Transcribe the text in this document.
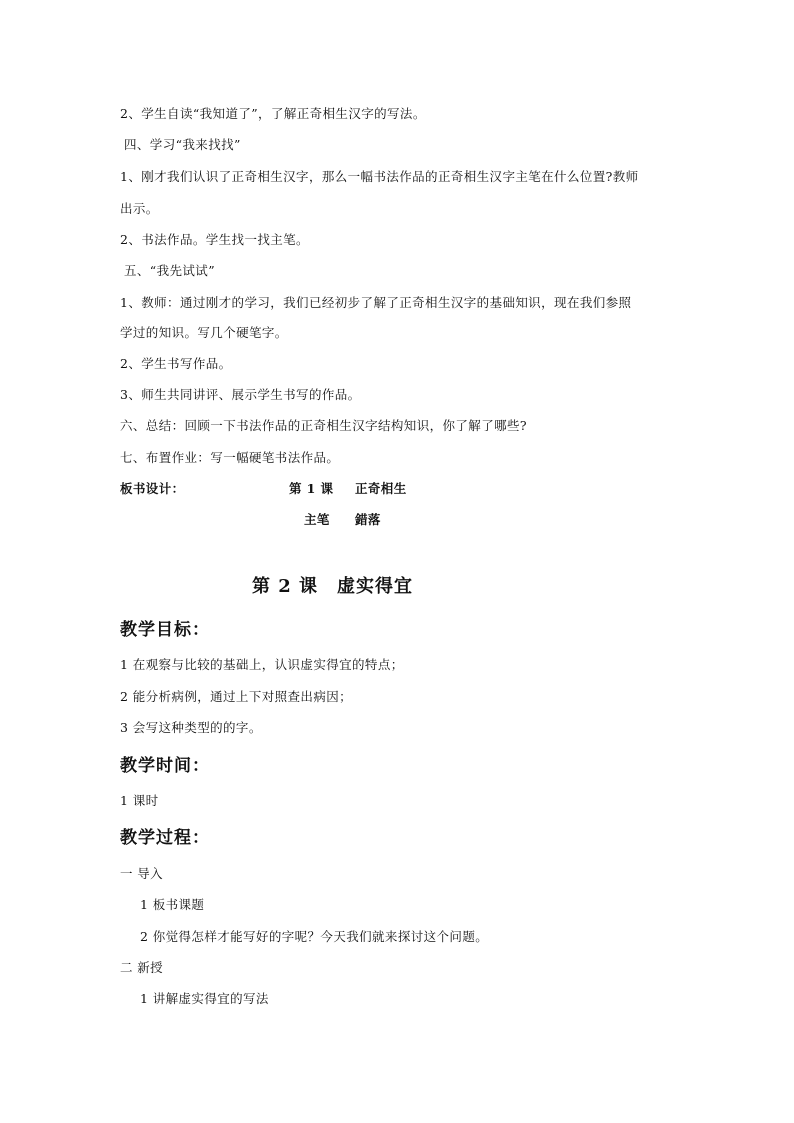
2、学生自读“我知道了”，了解正奇相生汉字的写法。
四、学习“我来找找”
1、刚才我们认识了正奇相生汉字，那么一幅书法作品的正奇相生汉字主笔在什么位置?教师
出示。
2、书法作品。学生找一找主笔。
五、“我先试试”
1、教师：通过刚才的学习，我们已经初步了解了正奇相生汉字的基础知识，现在我们参照
学过的知识。写几个硬笔字。
2、学生书写作品。
3、师生共同讲评、展示学生书写的作品。
六、总结：回顾一下书法作品的正奇相生汉字结构知识，你了解了哪些?
七、布置作业：写一幅硬笔书法作品。
板书设计：	第 1 课 正奇相生
主笔 錯落
第 2 课　虚实得宜
教学目标：
1 在观察与比较的基础上，认识虚实得宜的特点；
2 能分析病例，通过上下对照查出病因；
3 会写这种类型的的字。
教学时间：
1 课时
教学过程：
一 导入
1 板书课题
2 你觉得怎样才能写好的字呢？今天我们就来探讨这个问题。
二 新授
1 讲解虚实得宜的写法
